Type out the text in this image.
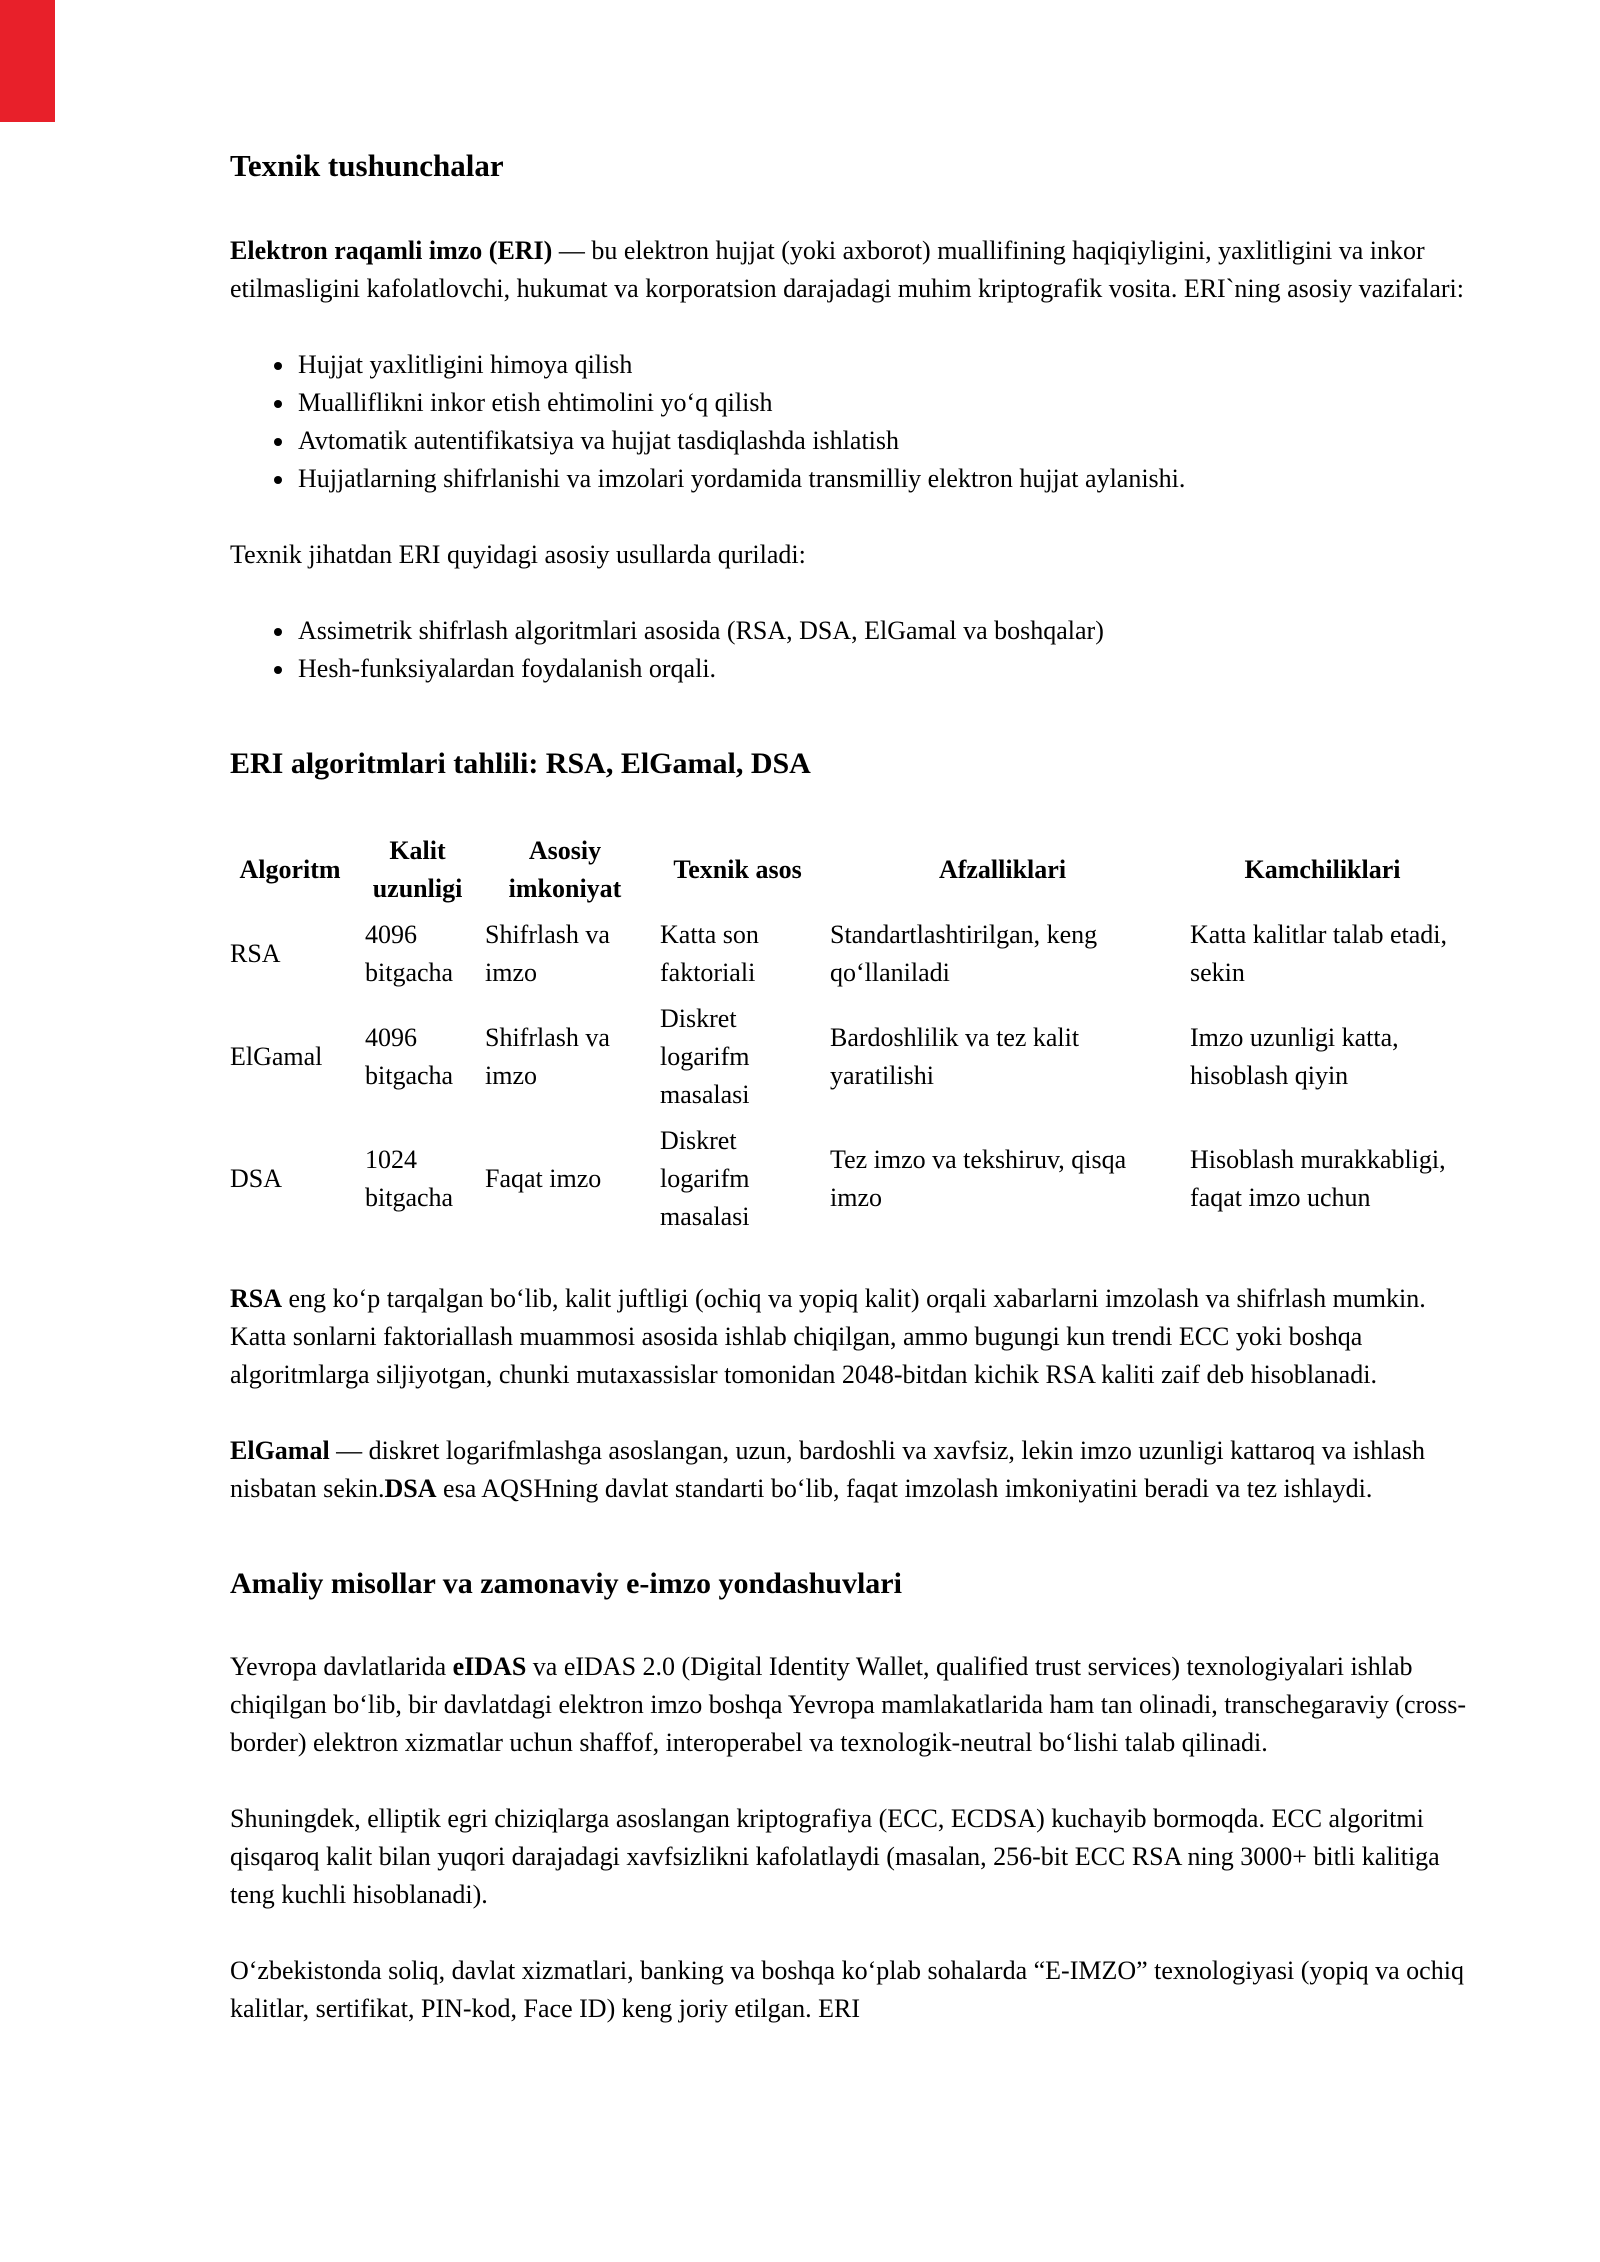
Texnik tushunchalar

Elektron raqamli imzo (ERI) — bu elektron hujjat (yoki axborot) muallifining haqiqiyligini, yaxlitligini va inkor etilmasligini kafolatlovchi, hukumat va korporatsion darajadagi muhim kriptografik vosita. ERI`ning asosiy vazifalari:

• Hujjat yaxlitligini himoya qilish
• Mualliflikni inkor etish ehtimolini yo‘q qilish
• Avtomatik autentifikatsiya va hujjat tasdiqlashda ishlatish
• Hujjatlarning shifrlanishi va imzolari yordamida transmilliy elektron hujjat aylanishi.

Texnik jihatdan ERI quyidagi asosiy usullarda quriladi:

• Assimetrik shifrlash algoritmlari asosida (RSA, DSA, ElGamal va boshqalar)
• Hesh-funksiyalardan foydalanish orqali.
ERI algoritmlari tahlili: RSA, ElGamal, DSA
Algoritm	Kalit uzunligi	Asosiy imkoniyat	Texnik asos	Afzalliklari	Kamchiliklari
RSA	4096 bitgacha	Shifrlash va imzo	Katta son faktoriali	Standartlashtirilgan, keng qo‘llaniladi	Katta kalitlar talab etadi, sekin
ElGamal	4096 bitgacha	Shifrlash va imzo	Diskret logarifm masalasi	Bardoshlilik va tez kalit yaratilishi	Imzo uzunligi katta, hisoblash qiyin
DSA	1024 bitgacha	Faqat imzo	Diskret logarifm masalasi	Tez imzo va tekshiruv, qisqa imzo	Hisoblash murakkabligi, faqat imzo uchun

RSA eng ko‘p tarqalgan bo‘lib, kalit juftligi (ochiq va yopiq kalit) orqali xabarlarni imzolash va shifrlash mumkin. Katta sonlarni faktoriallash muammosi asosida ishlab chiqilgan, ammo bugungi kun trendi ECC yoki boshqa algoritmlarga siljiyotgan, chunki mutaxassislar tomonidan 2048-bitdan kichik RSA kaliti zaif deb hisoblanadi.

ElGamal — diskret logarifmlashga asoslangan, uzun, bardoshli va xavfsiz, lekin imzo uzunligi kattaroq va ishlash nisbatan sekin.DSA esa AQSHning davlat standarti bo‘lib, faqat imzolash imkoniyatini beradi va tez ishlaydi.

Amaliy misollar va zamonaviy e-imzo yondashuvlari

Yevropa davlatlarida eIDAS va eIDAS 2.0 (Digital Identity Wallet, qualified trust services) texnologiyalari ishlab chiqilgan bo‘lib, bir davlatdagi elektron imzo boshqa Yevropa mamlakatlarida ham tan olinadi, transchegaraviy (cross-border) elektron xizmatlar uchun shaffof, interoperabel va texnologik-neutral bo‘lishi talab qilinadi.

Shuningdek, elliptik egri chiziqlarga asoslangan kriptografiya (ECC, ECDSA) kuchayib bormoqda. ECC algoritmi qisqaroq kalit bilan yuqori darajadagi xavfsizlikni kafolatlaydi (masalan, 256-bit ECC RSA ning 3000+ bitli kalitiga teng kuchli hisoblanadi).

O‘zbekistonda soliq, davlat xizmatlari, banking va boshqa ko‘plab sohalarda “E-IMZO” texnologiyasi (yopiq va ochiq kalitlar, sertifikat, PIN-kod, Face ID) keng joriy etilgan. ERI
